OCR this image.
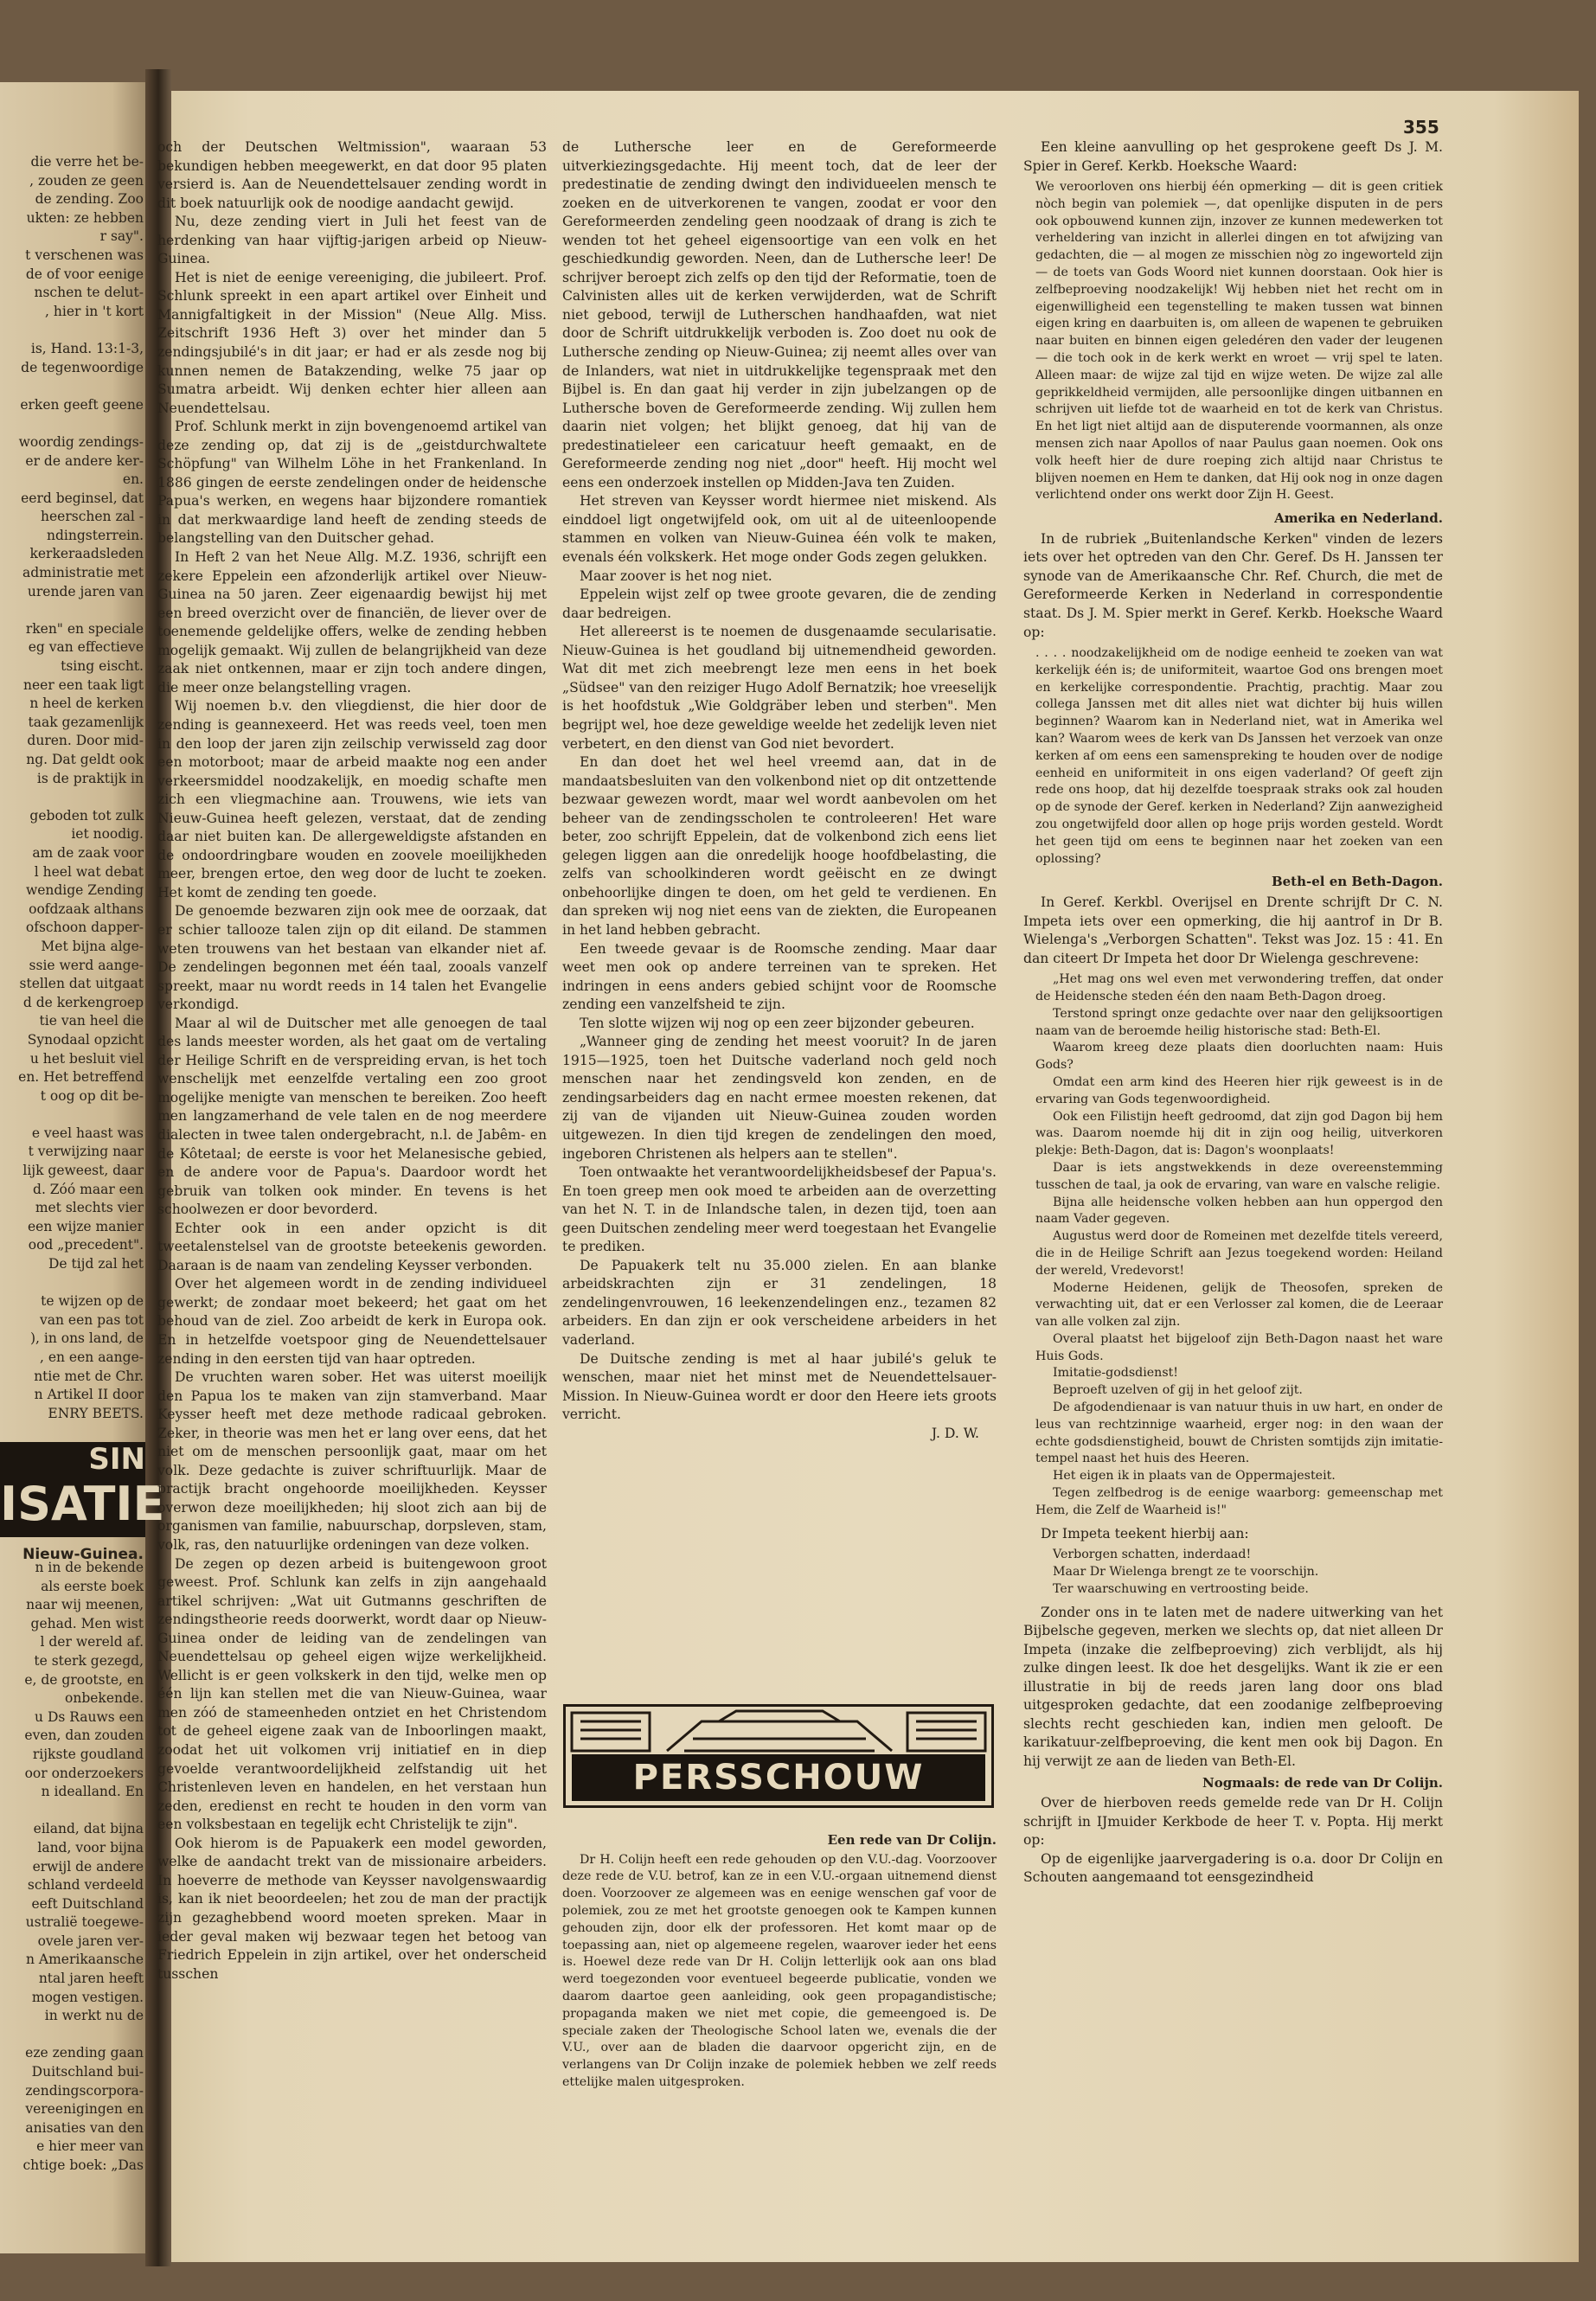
die verre het be-
, zouden ze geen
de zending. Zoo
ukten: ze hebben
r say".
t verschenen was
de of voor eenige
nschen te delut-
, hier in 't kort
is, Hand. 13:1-3,
de tegenwoordige
erken geeft geene
woordig zendings-
er de andere ker-
en.
eerd beginsel, dat
heerschen zal -
ndingsterrein.
kerkeraadsleden
administratie met
urende jaren van
rken" en speciale
eg van effectieve
tsing eischt.
neer een taak ligt
n heel de kerken
taak gezamenlijk
duren. Door mid-
ng. Dat geldt ook
is de praktijk in
geboden tot zulk
iet noodig.
am de zaak voor
l heel wat debat
wendige Zending
oofdzaak althans
ofschoon dapper-
Met bijna alge-
ssie werd aange-
stellen dat uitgaat
d de kerkengroep
tie van heel die
Synodaal opzicht
u het besluit viel
en. Het betreffend
t oog op dit be-
e veel haast was
t verwijzing naar
lijk geweest, daar
d. Zóó maar een
met slechts vier
een wijze manier
ood „precedent".
De tijd zal het
te wijzen op de
van een pas tot
), in ons land, de
, en een aange-
ntie met de Chr.
n Artikel II door
ENRY BEETS.
SIN
ISATIE
Nieuw-Guinea.
n in de bekende
als eerste boek
naar wij meenen,
gehad. Men wist
l der wereld af.
te sterk gezegd,
e, de grootste, en
onbekende.
u Ds Rauws een
even, dan zouden
rijkste goudland
oor onderzoekers
n idealland. En
eiland, dat bijna
land, voor bijna
erwijl de andere
schland verdeeld
eeft Duitschland
ustralië toegewe-
ovele jaren ver-
n Amerikaansche
ntal jaren heeft
mogen vestigen.
in werkt nu de
eze zending gaan
Duitschland bui-
zendingscorpora-
vereenigingen en
anisaties van den
e hier meer van
chtige boek: „Das
355

och der Deutschen Weltmission", waaraan 53 bekundigen hebben meegewerkt, en dat door 95 platen versierd is. Aan de Neuendettelsauer zending wordt in dit boek natuurlijk ook de noodige aandacht gewijd.

Nu, deze zending viert in Juli het feest van de herdenking van haar vijftig-jarigen arbeid op Nieuw-Guinea.

Het is niet de eenige vereeniging, die jubileert. Prof. Schlunk spreekt in een apart artikel over Einheit und Mannigfaltigkeit in der Mission" (Neue Allg. Miss. Zeitschrift 1936 Heft 3) over het minder dan 5 zendingsjubilé's in dit jaar; er had er als zesde nog bij kunnen nemen de Batakzending, welke 75 jaar op Sumatra arbeidt. Wij denken echter hier alleen aan Neuendettelsau.

Prof. Schlunk merkt in zijn bovengenoemd artikel van deze zending op, dat zij is de „geistdurchwaltete Schöpfung" van Wilhelm Löhe in het Frankenland. In 1886 gingen de eerste zendelingen onder de heidensche Papua's werken, en wegens haar bijzondere romantiek in dat merkwaardige land heeft de zending steeds de belangstelling van den Duitscher gehad.

In Heft 2 van het Neue Allg. M.Z. 1936, schrijft een zekere Eppelein een afzonderlijk artikel over Nieuw-Guinea na 50 jaren. Zeer eigenaardig bewijst hij met een breed overzicht over de financiën, de liever over de toenemende geldelijke offers, welke de zending hebben mogelijk gemaakt. Wij zullen de belangrijkheid van deze zaak niet ontkennen, maar er zijn toch andere dingen, die meer onze belangstelling vragen.

Wij noemen b.v. den vliegdienst, die hier door de zending is geannexeerd. Het was reeds veel, toen men in den loop der jaren zijn zeilschip verwisseld zag door een motorboot; maar de arbeid maakte nog een ander verkeersmiddel noodzakelijk, en moedig schafte men zich een vliegmachine aan. Trouwens, wie iets van Nieuw-Guinea heeft gelezen, verstaat, dat de zending daar niet buiten kan. De allergeweldigste afstanden en de ondoordringbare wouden en zoovele moeilijkheden meer, brengen ertoe, den weg door de lucht te zoeken. Het komt de zending ten goede.

De genoemde bezwaren zijn ook mee de oorzaak, dat er schier tallooze talen zijn op dit eiland. De stammen weten trouwens van het bestaan van elkander niet af. De zendelingen begonnen met één taal, zooals vanzelf spreekt, maar nu wordt reeds in 14 talen het Evangelie verkondigd.

Maar al wil de Duitscher met alle genoegen de taal des lands meester worden, als het gaat om de vertaling der Heilige Schrift en de verspreiding ervan, is het toch wenschelijk met eenzelfde vertaling een zoo groot mogelijke menigte van menschen te bereiken. Zoo heeft men langzamerhand de vele talen en de nog meerdere dialecten in twee talen ondergebracht, n.l. de Jabêm- en de Kôtetaal; de eerste is voor het Melanesische gebied, en de andere voor de Papua's. Daardoor wordt het gebruik van tolken ook minder. En tevens is het schoolwezen er door bevorderd.

Echter ook in een ander opzicht is dit tweetalenstelsel van de grootste beteekenis geworden. Daaraan is de naam van zendeling Keysser verbonden.

Over het algemeen wordt in de zending individueel gewerkt; de zondaar moet bekeerd; het gaat om het behoud van de ziel. Zoo arbeidt de kerk in Europa ook. En in hetzelfde voetspoor ging de Neuendettelsauer zending in den eersten tijd van haar optreden.

De vruchten waren sober. Het was uiterst moeilijk den Papua los te maken van zijn stamverband. Maar Keysser heeft met deze methode radicaal gebroken. Zeker, in theorie was men het er lang over eens, dat het niet om de menschen persoonlijk gaat, maar om het volk. Deze gedachte is zuiver schriftuurlijk. Maar de practijk bracht ongehoorde moeilijkheden. Keysser overwon deze moeilijkheden; hij sloot zich aan bij de organismen van familie, nabuurschap, dorpsleven, stam, volk, ras, den natuurlijke ordeningen van deze volken.

De zegen op dezen arbeid is buitengewoon groot geweest. Prof. Schlunk kan zelfs in zijn aangehaald artikel schrijven: „Wat uit Gutmanns geschriften de zendingstheorie reeds doorwerkt, wordt daar op Nieuw-Guinea onder de leiding van de zendelingen van Neuendettelsau op geheel eigen wijze werkelijkheid. Wellicht is er geen volkskerk in den tijd, welke men op één lijn kan stellen met die van Nieuw-Guinea, waar men zóó de stameenheden ontziet en het Christendom tot de geheel eigene zaak van de Inboorlingen maakt, zoodat het uit volkomen vrij initiatief en in diep gevoelde verantwoordelijkheid zelfstandig uit het Christenleven leven en handelen, en het verstaan hun zeden, eredienst en recht te houden in den vorm van een volksbestaan en tegelijk echt Christelijk te zijn".

Ook hierom is de Papuakerk een model geworden, welke de aandacht trekt van de missionaire arbeiders. In hoeverre de methode van Keysser navolgenswaardig is, kan ik niet beoordeelen; het zou de man der practijk zijn gezaghebbend woord moeten spreken. Maar in ieder geval maken wij bezwaar tegen het betoog van Friedrich Eppelein in zijn artikel, over het onderscheid tusschen

de Luthersche leer en de Gereformeerde uitverkiezingsgedachte. Hij meent toch, dat de leer der predestinatie de zending dwingt den individueelen mensch te zoeken en de uitverkorenen te vangen, zoodat er voor den Gereformeerden zendeling geen noodzaak of drang is zich te wenden tot het geheel eigensoortige van een volk en het geschiedkundig geworden. Neen, dan de Luthersche leer! De schrijver beroept zich zelfs op den tijd der Reformatie, toen de Calvinisten alles uit de kerken verwijderden, wat de Schrift niet gebood, terwijl de Lutherschen handhaafden, wat niet door de Schrift uitdrukkelijk verboden is. Zoo doet nu ook de Luthersche zending op Nieuw-Guinea; zij neemt alles over van de Inlanders, wat niet in uitdrukkelijke tegenspraak met den Bijbel is. En dan gaat hij verder in zijn jubelzangen op de Luthersche boven de Gereformeerde zending. Wij zullen hem daarin niet volgen; het blijkt genoeg, dat hij van de predestinatieleer een caricatuur heeft gemaakt, en de Gereformeerde zending nog niet „door" heeft. Hij mocht wel eens een onderzoek instellen op Midden-Java ten Zuiden.

Het streven van Keysser wordt hiermee niet miskend. Als einddoel ligt ongetwijfeld ook, om uit al de uiteenloopende stammen en volken van Nieuw-Guinea één volk te maken, evenals één volkskerk. Het moge onder Gods zegen gelukken.

Maar zoover is het nog niet.

Eppelein wijst zelf op twee groote gevaren, die de zending daar bedreigen.

Het allereerst is te noemen de dusgenaamde secularisatie. Nieuw-Guinea is het goudland bij uitnemendheid geworden. Wat dit met zich meebrengt leze men eens in het boek „Südsee" van den reiziger Hugo Adolf Bernatzik; hoe vreeselijk is het hoofdstuk „Wie Goldgräber leben und sterben". Men begrijpt wel, hoe deze geweldige weelde het zedelijk leven niet verbetert, en den dienst van God niet bevordert.

En dan doet het wel heel vreemd aan, dat in de mandaatsbesluiten van den volkenbond niet op dit ontzettende bezwaar gewezen wordt, maar wel wordt aanbevolen om het beheer van de zendingsscholen te controleeren! Het ware beter, zoo schrijft Eppelein, dat de volkenbond zich eens liet gelegen liggen aan die onredelijk hooge hoofdbelasting, die zelfs van schoolkinderen wordt geëischt en ze dwingt onbehoorlijke dingen te doen, om het geld te verdienen. En dan spreken wij nog niet eens van de ziekten, die Europeanen in het land hebben gebracht.

Een tweede gevaar is de Roomsche zending. Maar daar weet men ook op andere terreinen van te spreken. Het indringen in eens anders gebied schijnt voor de Roomsche zending een vanzelfsheid te zijn.

Ten slotte wijzen wij nog op een zeer bijzonder gebeuren.

„Wanneer ging de zending het meest vooruit? In de jaren 1915—1925, toen het Duitsche vaderland noch geld noch menschen naar het zendingsveld kon zenden, en de zendingsarbeiders dag en nacht ermee moesten rekenen, dat zij van de vijanden uit Nieuw-Guinea zouden worden uitgewezen. In dien tijd kregen de zendelingen den moed, ingeboren Christenen als helpers aan te stellen".

Toen ontwaakte het verantwoordelijkheidsbesef der Papua's. En toen greep men ook moed te arbeiden aan de overzetting van het N. T. in de Inlandsche talen, in dezen tijd, toen aan geen Duitschen zendeling meer werd toegestaan het Evangelie te prediken.

De Papuakerk telt nu 35.000 zielen. En aan blanke arbeidskrachten zijn er 31 zendelingen, 18 zendelingenvrouwen, 16 leekenzendelingen enz., tezamen 82 arbeiders. En dan zijn er ook verscheidene arbeiders in het vaderland.

De Duitsche zending is met al haar jubilé's geluk te wenschen, maar niet het minst met de Neuendettelsauer-Mission. In Nieuw-Guinea wordt er door den Heere iets groots verricht.

J. D. W.
PERSSCHOUW
Een rede van Dr Colijn.

Dr H. Colijn heeft een rede gehouden op den V.U.-dag. Voorzoover deze rede de V.U. betrof, kan ze in een V.U.-orgaan uitnemend dienst doen. Voorzoover ze algemeen was en eenige wenschen gaf voor de polemiek, zou ze met het grootste genoegen ook te Kampen kunnen gehouden zijn, door elk der professoren. Het komt maar op de toepassing aan, niet op algemeene regelen, waarover ieder het eens is. Hoewel deze rede van Dr H. Colijn letterlijk ook aan ons blad werd toegezonden voor eventueel begeerde publicatie, vonden we daarom daartoe geen aanleiding, ook geen propagandistische; propaganda maken we niet met copie, die gemeengoed is. De speciale zaken der Theologische School laten we, evenals die der V.U., over aan de bladen die daarvoor opgericht zijn, en de verlangens van Dr Colijn inzake de polemiek hebben we zelf reeds ettelijke malen uitgesproken.

Een kleine aanvulling op het gesprokene geeft Ds J. M. Spier in Geref. Kerkb. Hoeksche Waard:

We veroorloven ons hierbij één opmerking — dit is geen critiek nòch begin van polemiek —, dat openlijke disputen in de pers ook opbouwend kunnen zijn, inzover ze kunnen medewerken tot verheldering van inzicht in allerlei dingen en tot afwijzing van gedachten, die — al mogen ze misschien nòg zo ingeworteld zijn — de toets van Gods Woord niet kunnen doorstaan. Ook hier is zelfbeproeving noodzakelijk! Wij hebben niet het recht om in eigenwilligheid een tegenstelling te maken tussen wat binnen eigen kring en daarbuiten is, om alleen de wapenen te gebruiken naar buiten en binnen eigen geledéren den vader der leugenen — die toch ook in de kerk werkt en wroet — vrij spel te laten. Alleen maar: de wijze zal tijd en wijze weten. De wijze zal alle geprikkeldheid vermijden, alle persoonlijke dingen uitbannen en schrijven uit liefde tot de waarheid en tot de kerk van Christus. En het ligt niet altijd aan de disputerende voormannen, als onze mensen zich naar Apollos of naar Paulus gaan noemen. Ook ons volk heeft hier de dure roeping zich altijd naar Christus te blijven noemen en Hem te danken, dat Hij ook nog in onze dagen verlichtend onder ons werkt door Zijn H. Geest.

Amerika en Nederland.

In de rubriek „Buitenlandsche Kerken" vinden de lezers iets over het optreden van den Chr. Geref. Ds H. Janssen ter synode van de Amerikaansche Chr. Ref. Church, die met de Gereformeerde Kerken in Nederland in correspondentie staat. Ds J. M. Spier merkt in Geref. Kerkb. Hoeksche Waard op:

. . . . noodzakelijkheid om de nodige eenheid te zoeken van wat kerkelijk één is; de uniformiteit, waartoe God ons brengen moet en kerkelijke correspondentie. Prachtig, prachtig. Maar zou collega Janssen met dit alles niet wat dichter bij huis willen beginnen? Waarom kan in Nederland niet, wat in Amerika wel kan? Waarom wees de kerk van Ds Janssen het verzoek van onze kerken af om eens een samenspreking te houden over de nodige eenheid en uniformiteit in ons eigen vaderland? Of geeft zijn rede ons hoop, dat hij dezelfde toespraak straks ook zal houden op de synode der Geref. kerken in Nederland? Zijn aanwezigheid zou ongetwijfeld door allen op hoge prijs worden gesteld. Wordt het geen tijd om eens te beginnen naar het zoeken van een oplossing?

Beth-el en Beth-Dagon.

In Geref. Kerkbl. Overijsel en Drente schrijft Dr C. N. Impeta iets over een opmerking, die hij aantrof in Dr B. Wielenga's „Verborgen Schatten". Tekst was Joz. 15 : 41. En dan citeert Dr Impeta het door Dr Wielenga geschrevene:

„Het mag ons wel even met verwondering treffen, dat onder de Heidensche steden één den naam Beth-Dagon droeg.

Terstond springt onze gedachte over naar den gelijksoortigen naam van de beroemde heilig historische stad: Beth-El.

Waarom kreeg deze plaats dien doorluchten naam: Huis Gods?

Omdat een arm kind des Heeren hier rijk geweest is in de ervaring van Gods tegenwoordigheid.

Ook een Filistijn heeft gedroomd, dat zijn god Dagon bij hem was. Daarom noemde hij dit in zijn oog heilig, uitverkoren plekje: Beth-Dagon, dat is: Dagon's woonplaats!

Daar is iets angstwekkends in deze overeenstemming tusschen de taal, ja ook de ervaring, van ware en valsche religie.

Bijna alle heidensche volken hebben aan hun oppergod den naam Vader gegeven.

Augustus werd door de Romeinen met dezelfde titels vereerd, die in de Heilige Schrift aan Jezus toegekend worden: Heiland der wereld, Vredevorst!

Moderne Heidenen, gelijk de Theosofen, spreken de verwachting uit, dat er een Verlosser zal komen, die de Leeraar van alle volken zal zijn.

Overal plaatst het bijgeloof zijn Beth-Dagon naast het ware Huis Gods.

Imitatie-godsdienst!

Beproeft uzelven of gij in het geloof zijt.

De afgodendienaar is van natuur thuis in uw hart, en onder de leus van rechtzinnige waarheid, erger nog: in den waan der echte godsdienstigheid, bouwt de Christen somtijds zijn imitatie-tempel naast het huis des Heeren.

Het eigen ik in plaats van de Oppermajesteit.

Tegen zelfbedrog is de eenige waarborg: gemeenschap met Hem, die Zelf de Waarheid is!"

Dr Impeta teekent hierbij aan:

Verborgen schatten, inderdaad!

Maar Dr Wielenga brengt ze te voorschijn.

Ter waarschuwing en vertroosting beide.

Zonder ons in te laten met de nadere uitwerking van het Bijbelsche gegeven, merken we slechts op, dat niet alleen Dr Impeta (inzake die zelfbeproeving) zich verblijdt, als hij zulke dingen leest. Ik doe het desgelijks. Want ik zie er een illustratie in bij de reeds jaren lang door ons blad uitgesproken gedachte, dat een zoodanige zelfbeproeving slechts recht geschieden kan, indien men gelooft. De karikatuur-zelfbeproeving, die kent men ook bij Dagon. En hij verwijt ze aan de lieden van Beth-El.

Nogmaals: de rede van Dr Colijn.

Over de hierboven reeds gemelde rede van Dr H. Colijn schrijft in IJmuider Kerkbode de heer T. v. Popta. Hij merkt op:

Op de eigenlijke jaarvergadering is o.a. door Dr Colijn en Schouten aangemaand tot eensgezindheid
